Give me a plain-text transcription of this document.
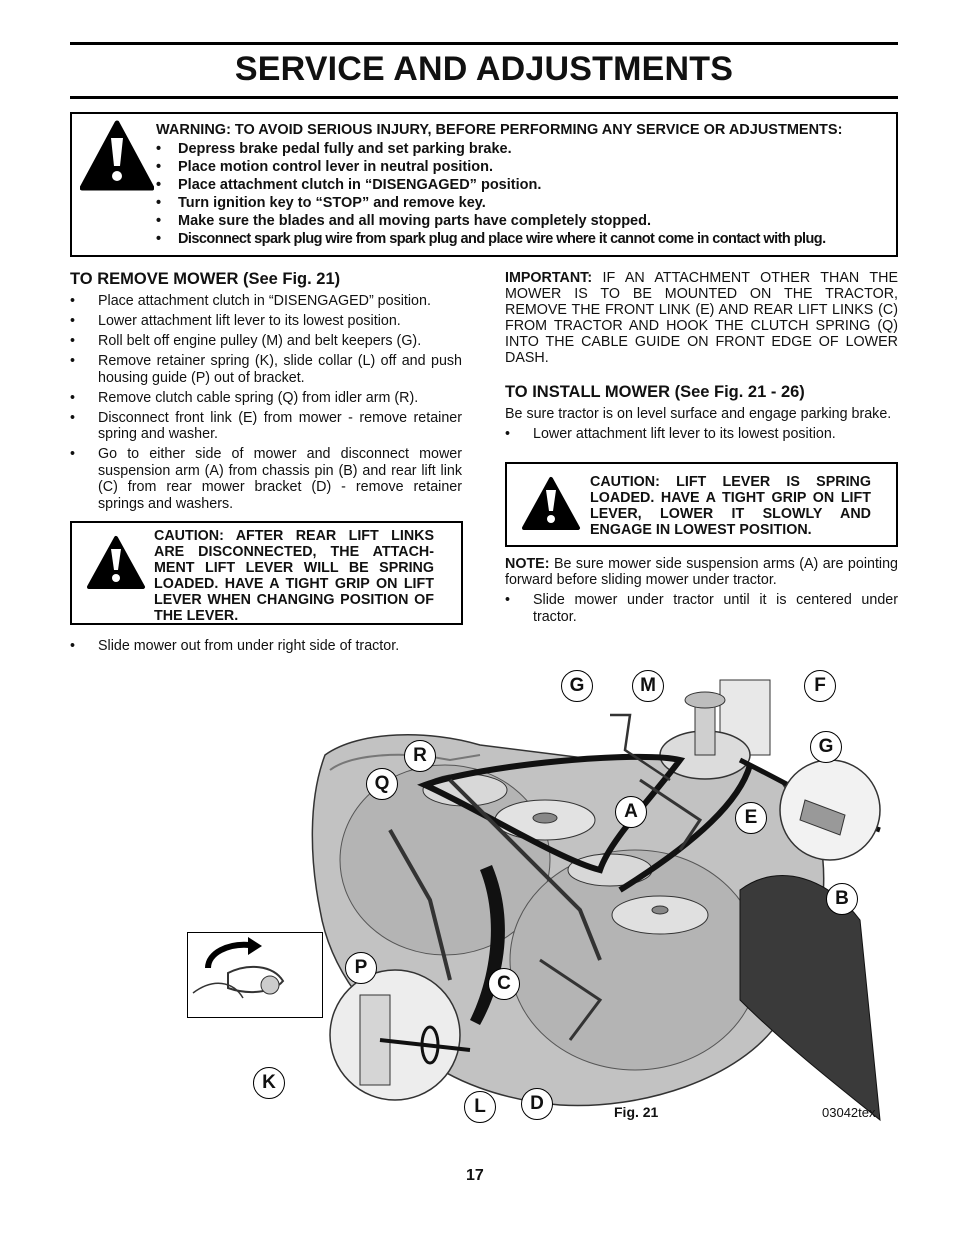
SERVICE AND ADJUSTMENTS
WARNING: TO AVOID SERIOUS INJURY, BEFORE PERFORMING ANY SERVICE OR ADJUSTMENTS:
• Depress brake pedal fully and set parking brake.
• Place motion control lever in neutral position.
• Place attachment clutch in “DISENGAGED” position.
• Turn ignition key to “STOP” and remove key.
• Make sure the blades and all moving parts have completely stopped.
• Disconnect spark plug wire from spark plug and place wire where it cannot come in contact with plug.
TO REMOVE MOWER (See Fig. 21)
• Place attachment clutch in “DISENGAGED” position.
• Lower attachment lift lever to its lowest position.
• Roll belt off engine pulley (M) and belt keepers (G).
• Remove retainer spring (K), slide collar (L) off and push housing guide (P) out of bracket.
• Remove clutch cable spring (Q) from idler arm (R).
• Disconnect front link (E) from mower - remove retainer spring and washer.
• Go to either side of mower and disconnect mower suspension arm (A) from chassis pin (B) and rear lift link (C) from rear mower bracket (D) - remove retainer springs and washers.

CAUTION: AFTER REAR LIFT LINKS ARE DISCONNECTED, THE ATTACH-MENT LIFT LEVER WILL BE SPRING LOADED. HAVE A TIGHT GRIP ON LIFT LEVER WHEN CHANGING POSITION OF THE LEVER.

• Slide mower out from under right side of tractor.

IMPORTANT: IF AN ATTACHMENT OTHER THAN THE MOWER IS TO BE MOUNTED ON THE TRACTOR, REMOVE THE FRONT LINK (E) AND REAR LIFT LINKS (C) FROM TRACTOR AND HOOK THE CLUTCH SPRING (Q) INTO THE CABLE GUIDE ON FRONT EDGE OF LOWER DASH.

TO INSTALL MOWER (See Fig. 21 - 26)

Be sure tractor is on level surface and engage parking brake.

• Lower attachment lift lever to its lowest position.

CAUTION: LIFT LEVER IS SPRING LOADED. HAVE A TIGHT GRIP ON LIFT LEVER, LOWER IT SLOWLY AND ENGAGE IN LOWEST POSITION.

NOTE: Be sure mower side suspension arms (A) are pointing forward before sliding mower under tractor.

• Slide mower under tractor until it is centered under tractor.
G	M	F
G
R
Q
A	E
B
P
C
K
L	D	Fig. 21	03042tex
17
